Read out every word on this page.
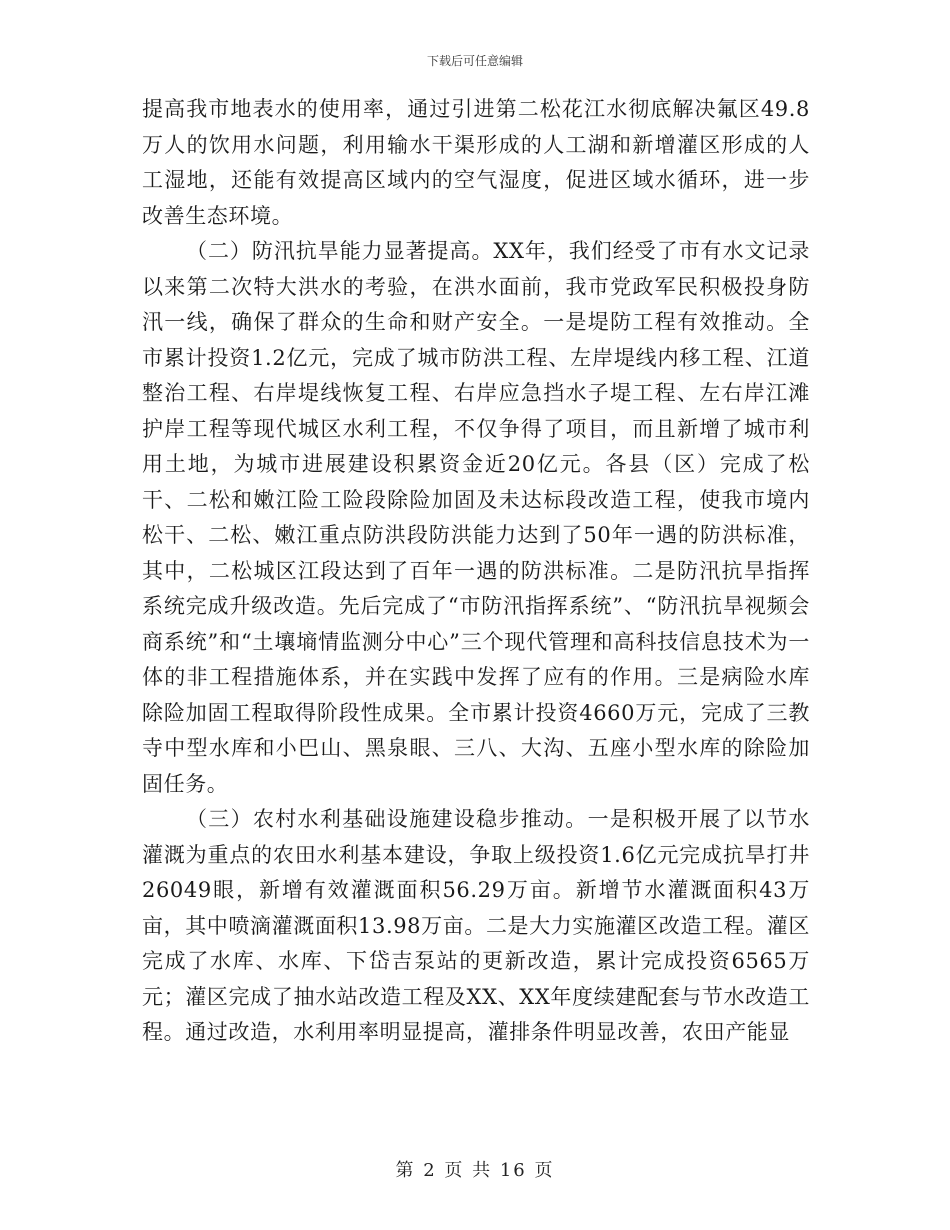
下载后可任意编辑

提高我市地表水的使用率，通过引进第二松花江水彻底解决氟区49.8万人的饮用水问题，利用输水干渠形成的人工湖和新增灌区形成的人工湿地，还能有效提高区域内的空气湿度，促进区域水循环，进一步改善生态环境。

（二）防汛抗旱能力显著提高。XX年，我们经受了市有水文记录以来第二次特大洪水的考验，在洪水面前，我市党政军民积极投身防汛一线，确保了群众的生命和财产安全。一是堤防工程有效推动。全市累计投资1.2亿元，完成了城市防洪工程、左岸堤线内移工程、江道整治工程、右岸堤线恢复工程、右岸应急挡水子堤工程、左右岸江滩护岸工程等现代城区水利工程，不仅争得了项目，而且新增了城市利用土地，为城市进展建设积累资金近20亿元。各县（区）完成了松干、二松和嫩江险工险段除险加固及未达标段改造工程，使我市境内松干、二松、嫩江重点防洪段防洪能力达到了50年一遇的防洪标准，其中，二松城区江段达到了百年一遇的防洪标准。二是防汛抗旱指挥系统完成升级改造。先后完成了“市防汛指挥系统”、“防汛抗旱视频会商系统”和“土壤墒情监测分中心”三个现代管理和高科技信息技术为一体的非工程措施体系，并在实践中发挥了应有的作用。三是病险水库除险加固工程取得阶段性成果。全市累计投资4660万元，完成了三教寺中型水库和小巴山、黑泉眼、三八、大沟、五座小型水库的除险加固任务。

（三）农村水利基础设施建设稳步推动。一是积极开展了以节水灌溉为重点的农田水利基本建设，争取上级投资1.6亿元完成抗旱打井26049眼，新增有效灌溉面积56.29万亩。新增节水灌溉面积43万亩，其中喷滴灌溉面积13.98万亩。二是大力实施灌区改造工程。灌区完成了水库、水库、下岱吉泵站的更新改造，累计完成投资6565万元；灌区完成了抽水站改造工程及XX、XX年度续建配套与节水改造工程。通过改造，水利用率明显提高，灌排条件明显改善，农田产能显

第 2 页 共 16 页
